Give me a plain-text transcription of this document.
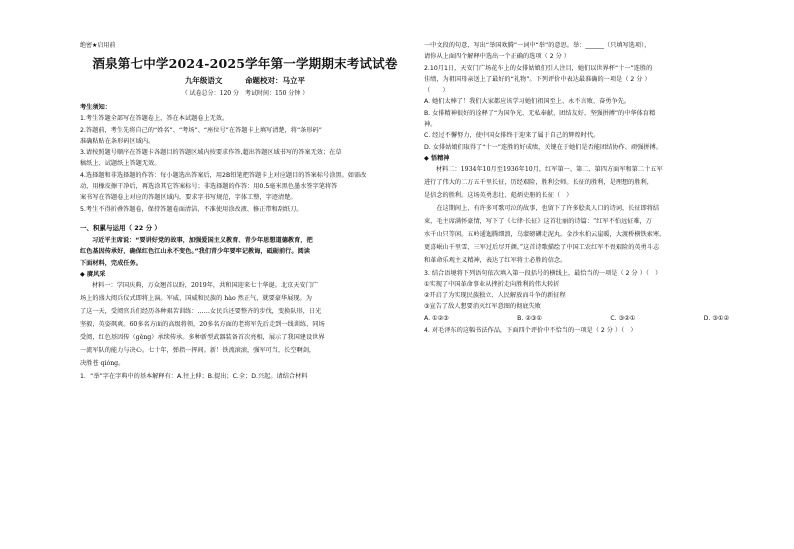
绝密★启用前
酒泉第七中学2024-2025学年第一学期期末考试试卷
九年级语文	命题校对：马立平
（ 试卷总分：120 分　考试时间：150 分钟 ）
考生须知：
1.考生答题全部写在答题卷上，答在本试题卷上无效。
2.答题前，考生先将自己的“姓名”、“考场”、“座位号”在答题卡上填写清楚，将“条形码”
准确粘贴在条形码区域内。
3.请按照题号顺序在答题卡各题目的答题区域内按要求作答,超出答题区域书写的答案无效；在草
稿纸上、试题纸上答题无效。
4.选择题和非选择题的作答：每小题选出答案后，用2B铅笔把答题卡上对应题目的答案标号涂黑。如需改
动，用橡皮擦干净后，再选涂其它答案标号；非选择题的作答：用0.5毫米黑色墨水签字笔将答
案书写在答题卷上对应的答题区域内，要求字书写规范，字体工整，字迹清楚。
5.考生不得折叠答题卷，保持答题卷面清洁，不准使用涂改液、修正带和刮纸刀。
一、积累与运用（ 22 分 ）
习近平主席说：“要讲好党的故事，加强爱国主义教育、青少年思想道德教育，把
红色基因传承好，确保红色江山永不变色。”我们青少年要牢记教诲，砥砺前行。阅读
下面材料，完成任务。
◆ 赓风采
材料一：学国庆典，万众翘首以盼，2019年，共和国迎来七十华诞。北京天安门广
场上的盛大阅兵仪式即将上演。军威、国威和民族的 hào 然正气，就要豪华展现。为
了这一天，受阅官兵们经历各种艰苦训练：……女民兵还要整齐的步伐，变换队形，日光
坚毅，英姿飒爽。60多名方面的高级将领，20多名方面的老将军先后走到一线训练、同场
受阅，红色基因传（gěng）承续传承。多种新型武器装备首次亮相，展示了我国建设世界
一流军队的能力与决心。七十年，弹指一挥间。新！铁流滚滚，强军可当，长空啊剑，
决胜苍 qióng。
1．“举”字在字典中的基本解释有：A.往上伸；B.提出；C.全；D.兴起。请结合材料
一中文段的句意，写出“举国欢腾”一词中“举”的意思。举：______（只填写选项），
请你从上面四个解释中选出一个正确的选项（ 2 分 ）
2.10月1日，天安门广场花车上的女排姑娘们引人注目，她们以世界杯“十一”连胜的
佳绩，为祖国母亲送上了最好的“礼物”。下列评价中表达最准确的一项是（ 2 分 ）
（　　）
A. 她们太棒了！我们大家都应该学习她们祖国至上、永不言败、奋勇争先。
B. 女排精神很好的诠释了“为国争光、无私奉献、团结友好、坚强拼搏”的中华体育精
神。
C. 经过不懈努力，使中国女排终于迎来了属于自己的辉煌时代。
D. 女排姑娘们取得了“十一”连胜的好成绩，关键在于她们是否能团结协作、顽强拼搏。
◆ 悟精神
材料二：1934年10月至1936年10月，红军第一、第二、第四方面军和第二十五军
进行了伟大的二万五千里长征，历经艰险，胜利会师。长征的胜利，是理想的胜利，
是信念的胜利。这场英勇悲壮、彪炳史册的长征（　）
　　在这期间上，有许多可歌可泣的故事，也留下了许多脍炙人口的诗词，长征即将结
束，毛主席满怀豪情，写下了《七律·长征》这首壮丽的诗篇：“红军不怕远征难，万
水千山只等闲。五岭逶迤腾细浪，乌蒙磅礴走泥丸。金沙水拍云崖暖，大渡桥横铁索寒。
更喜岷山千里雪，三军过后尽开颜。”这首诗歌描绘了中国工农红军不畏艰险的英勇斗志
和革命乐观主义精神，表达了红军将士必胜的信念。
3. 结合语境将下列语句依次填入第一段括号的横线上，最恰当的一项是（ 2 分 ）（　）
①实现了中国革命事业从挫折走向胜利的伟大转折
②开启了为实现民族独立、人民解放而斗争的新征程
③宣告了敌人想要消灭红军意图的彻底失败
A. ①②③	B. ②③①	C. ③②①	D. ③①②
4. 对毛泽东的这幅书法作品，下面四个评价中不恰当的一项是（ 2 分 ）（　）
